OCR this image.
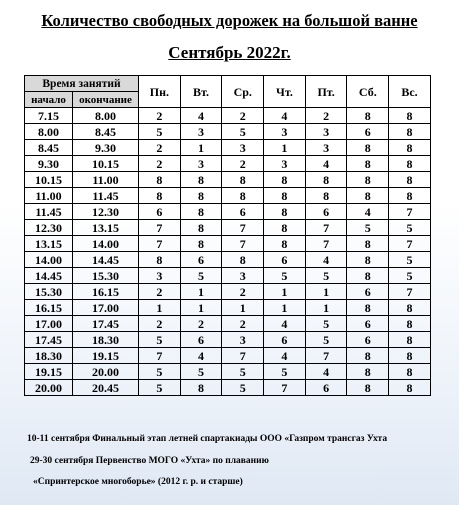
Количество свободных дорожек на большой ванне
Сентябрь 2022г.
Время занятий		Пн.	Вт.	Ср.	Чт.	Пт.	Сб.	Вс.
начало	окончание							
7.15	8.00	2	4	2	4	2	8	8
8.00	8.45	5	3	5	3	3	6	8
8.45	9.30	2	1	3	1	3	8	8
9.30	10.15	2	3	2	3	4	8	8
10.15	11.00	8	8	8	8	8	8	8
11.00	11.45	8	8	8	8	8	8	8
11.45	12.30	6	8	6	8	6	4	7
12.30	13.15	7	8	7	8	7	5	5
13.15	14.00	7	8	7	8	7	8	7
14.00	14.45	8	6	8	6	4	8	5
14.45	15.30	3	5	3	5	5	8	5
15.30	16.15	2	1	2	1	1	6	7
16.15	17.00	1	1	1	1	1	8	8
17.00	17.45	2	2	2	4	5	6	8
17.45	18.30	5	6	3	6	5	6	8
18.30	19.15	7	4	7	4	7	8	8
19.15	20.00	5	5	5	5	4	8	8
20.00	20.45	5	8	5	7	6	8	8
10-11 сентября Финальный этап летней спартакиады ООО «Газпром трансгаз Ухта
29-30 сентября Первенство МОГО «Ухта» по плаванию
«Спринтерское многоборье» (2012 г. р. и старше)
